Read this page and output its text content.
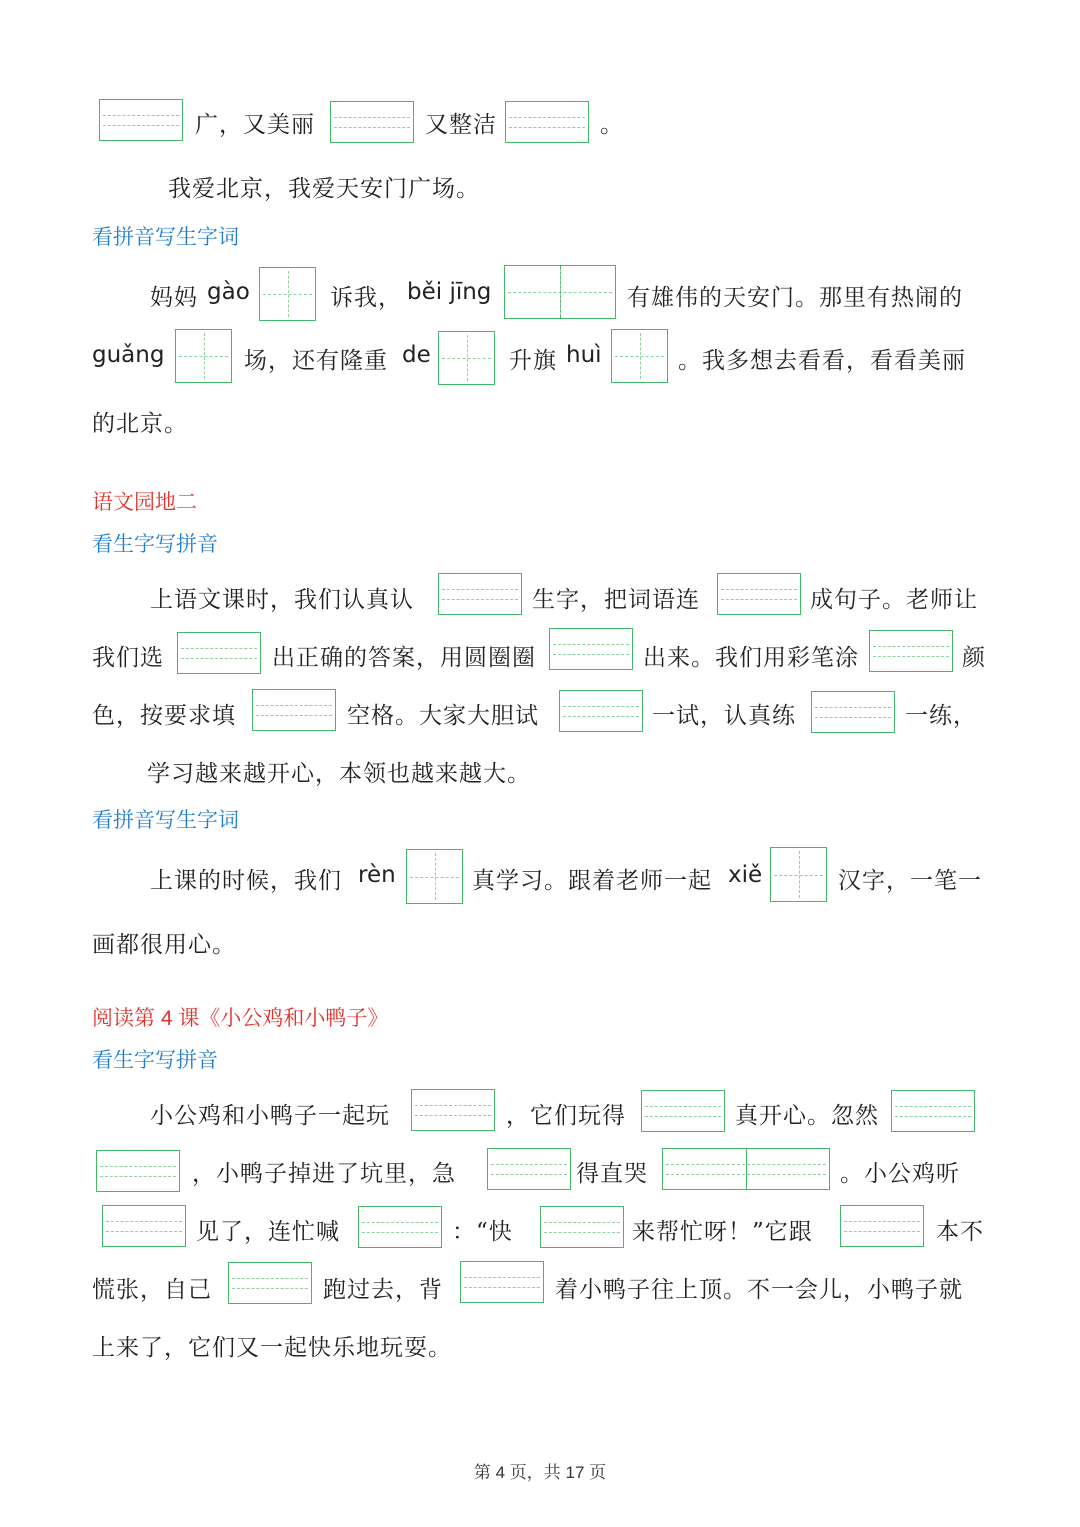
广，又美丽	又整洁	。
我爱北京，我爱天安门广场。
看拼音写生字词
妈妈 gào	诉我， běi jīng	有雄伟的天安门。那里有热闹的
guǎng	场，还有隆重 de	升旗 huì	。我多想去看看，看看美丽
的北京。
语文园地二
看生字写拼音
上语文课时，我们认真认	生字，把词语连	成句子。老师让
我们选	出正确的答案，用圆圈圈	出来。我们用彩笔涂	颜
色，按要求填	空格。大家大胆试	一试，认真练	一练，
学习越来越开心，本领也越来越大。
看拼音写生字词
上课的时候，我们 rèn	真学习。跟着老师一起 xiě	汉字，一笔一
画都很用心。
阅读第 4 课《小公鸡和小鸭子》
看生字写拼音
小公鸡和小鸭子一起玩	，它们玩得	真开心。忽然
，小鸭子掉进了坑里，急	得直哭	。小公鸡听
见了，连忙喊	：“快	来帮忙呀！”它跟	本不
慌张，自己	跑过去，背	着小鸭子往上顶。不一会儿，小鸭子就
上来了，它们又一起快乐地玩耍。
第 4 页，共 17 页
